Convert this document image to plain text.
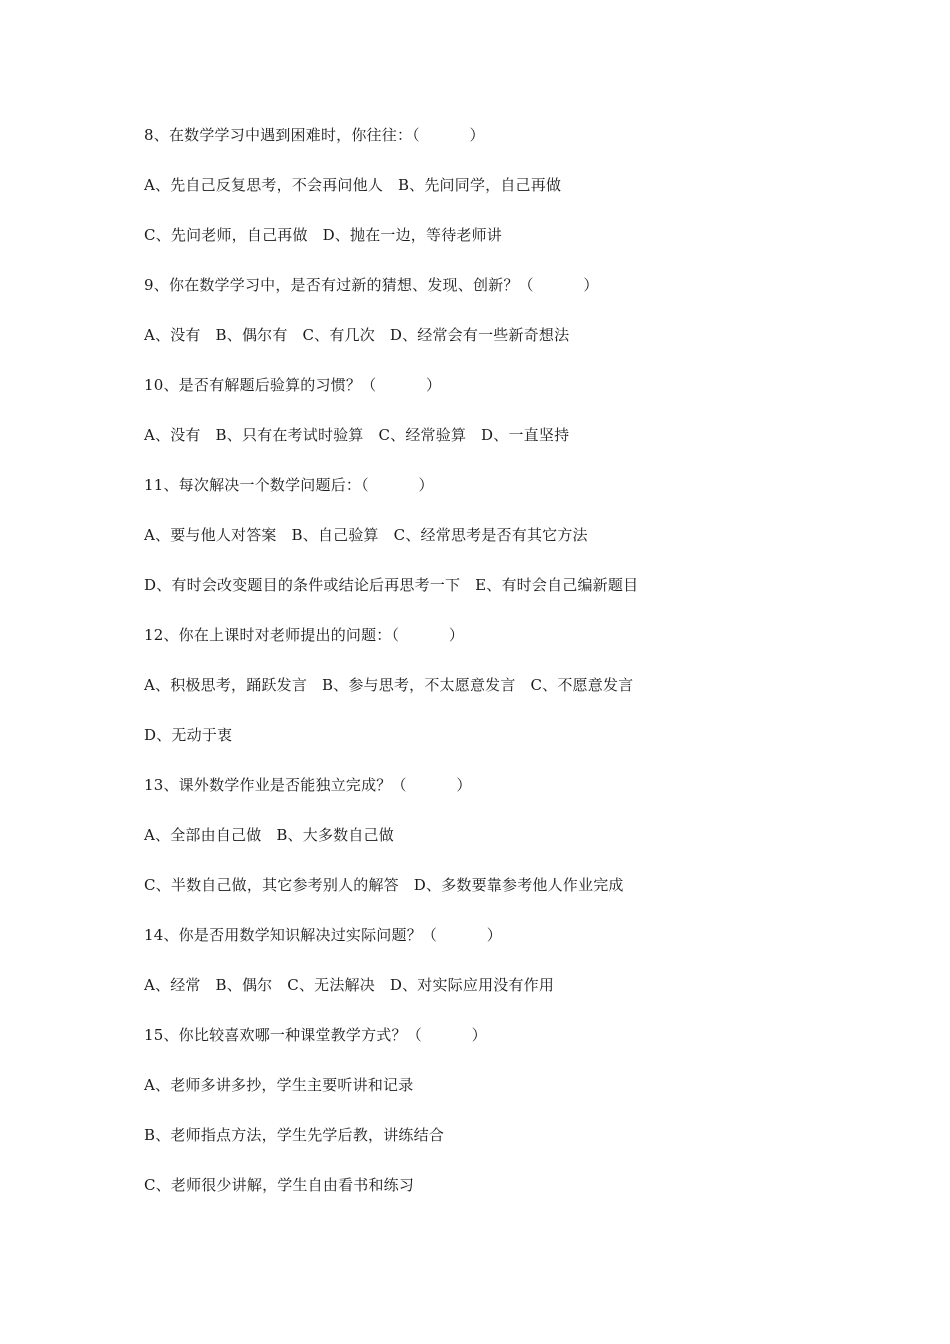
8、在数学学习中遇到困难时，你往往：（          ）
A、先自己反复思考，不会再问他人   B、先问同学，自己再做
C、先问老师，自己再做   D、抛在一边，等待老师讲
9、你在数学学习中，是否有过新的猜想、发现、创新？（          ）
A、没有   B、偶尔有   C、有几次   D、经常会有一些新奇想法
10、是否有解题后验算的习惯？（          ）
A、没有   B、只有在考试时验算   C、经常验算   D、一直坚持
11、每次解决一个数学问题后：（          ）
A、要与他人对答案   B、自己验算   C、经常思考是否有其它方法
D、有时会改变题目的条件或结论后再思考一下   E、有时会自己编新题目
12、你在上课时对老师提出的问题：（          ）
A、积极思考，踊跃发言   B、参与思考，不太愿意发言   C、不愿意发言
D、无动于衷
13、课外数学作业是否能独立完成？（          ）
A、全部由自己做   B、大多数自己做
C、半数自己做，其它参考别人的解答   D、多数要靠参考他人作业完成
14、你是否用数学知识解决过实际问题？（          ）
A、经常   B、偶尔   C、无法解决   D、对实际应用没有作用
15、你比较喜欢哪一种课堂教学方式？（          ）
A、老师多讲多抄，学生主要听讲和记录
B、老师指点方法，学生先学后教，讲练结合
C、老师很少讲解，学生自由看书和练习
